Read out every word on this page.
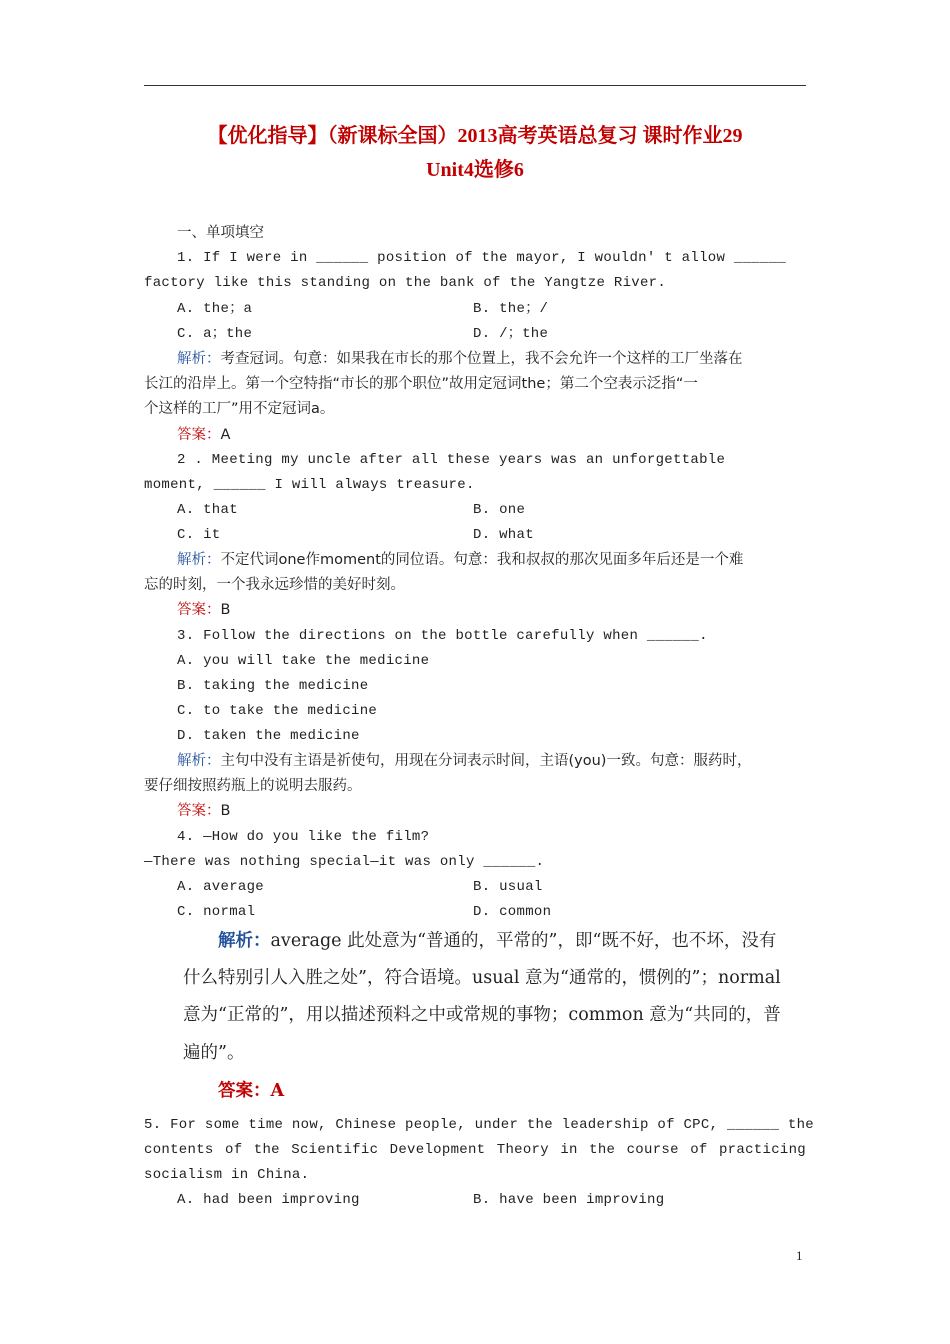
【优化指导】（新课标全国）2013高考英语总复习 课时作业29
Unit4选修6
一、单项填空
1. If I were in ______ position of the mayor, I wouldn' t allow ______
factory like this standing on the bank of the Yangtze River.
A. the；a	B. the；/
C. a；the	D. /；the
解析：考查冠词。句意：如果我在市长的那个位置上，我不会允许一个这样的工厂坐落在
长江的沿岸上。第一个空特指“市长的那个职位”故用定冠词the；第二个空表示泛指“一
个这样的工厂”用不定冠词a。
答案：A
2 . Meeting my uncle after all these years was an unforgettable
moment, ______ I will always treasure.
A. that	B. one
C. it	D. what
解析：不定代词one作moment的同位语。句意：我和叔叔的那次见面多年后还是一个难
忘的时刻，一个我永远珍惜的美好时刻。
答案：B
3. Follow the directions on the bottle carefully when ______.
A. you will take the medicine
B. taking the medicine
C. to take the medicine
D. taken the medicine
解析：主句中没有主语是祈使句，用现在分词表示时间，主语(you)一致。句意：服药时，
要仔细按照药瓶上的说明去服药。
答案：B
4. —How do you like the film?
—There was nothing special—it was only ______.
A. average	B. usual
C. normal	D. common
解析：average 此处意为“普通的，平常的”，即“既不好，也不坏，没有
什么特别引人入胜之处”，符合语境。usual 意为“通常的，惯例的”；normal
意为“正常的”，用以描述预料之中或常规的事物；common 意为“共同的，普
遍的”。
答案：A
5. For some time now, Chinese people, under the leadership of CPC, ______ the
contents of the Scientific Development Theory in the course of practicing
socialism in China.
A. had been improving	B. have been improving
1
